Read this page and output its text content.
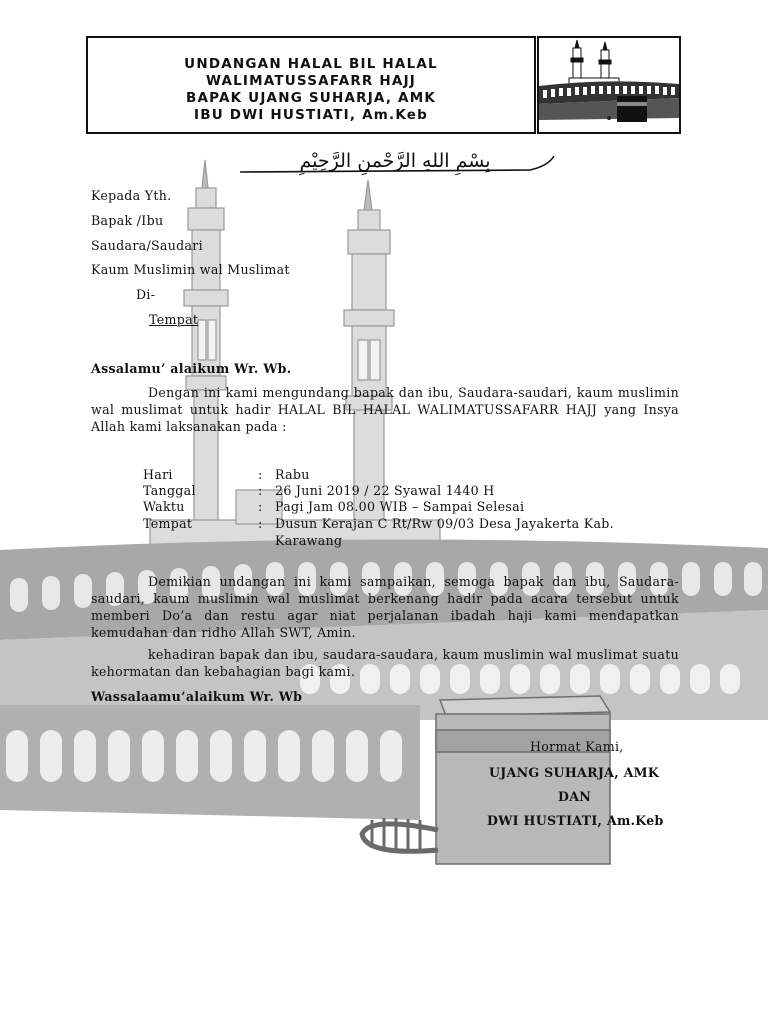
UNDANGAN HALAL BIL HALAL
WALIMATUSSAFARR HAJJ
BAPAK UJANG SUHARJA, AMK
IBU DWI HUSTIATI, Am.Keb
بِسْمِ اللهِ الرَّحْمنِ الرَّحِيْمِ
Kepada Yth.
Bapak /Ibu
Saudara/Saudari
Kaum Muslimin wal Muslimat
Di-
Tempat
Assalamu’ alaikum Wr. Wb.
Dengan ini kami mengundang bapak dan ibu, Saudara-saudari, kaum muslimin wal muslimat untuk hadir HALAL BIL HALAL WALIMATUSSAFARR HAJJ yang Insya Allah kami laksanakan pada :
Hari	: Rabu
Tanggal	: 26 Juni 2019 / 22 Syawal 1440 H
Waktu	: Pagi Jam 08.00 WIB – Sampai Selesai
Tempat	: Dusun Kerajan C Rt/Rw 09/03 Desa Jayakerta Kab.
Karawang
Demikian undangan ini kami sampaikan, semoga bapak dan ibu, Saudara-saudari, kaum muslimin wal muslimat berkenang hadir pada acara tersebut untuk memberi Do’a dan restu agar niat perjalanan ibadah haji kami mendapatkan kemudahan dan ridho Allah SWT, Amin.
kehadiran bapak dan ibu, saudara-saudara, kaum muslimin wal muslimat suatu kehormatan dan kebahagian bagi kami.
Wassalaamu’alaikum Wr. Wb
Hormat Kami,
UJANG SUHARJA, AMK
DAN
DWI HUSTIATI, Am.Keb
